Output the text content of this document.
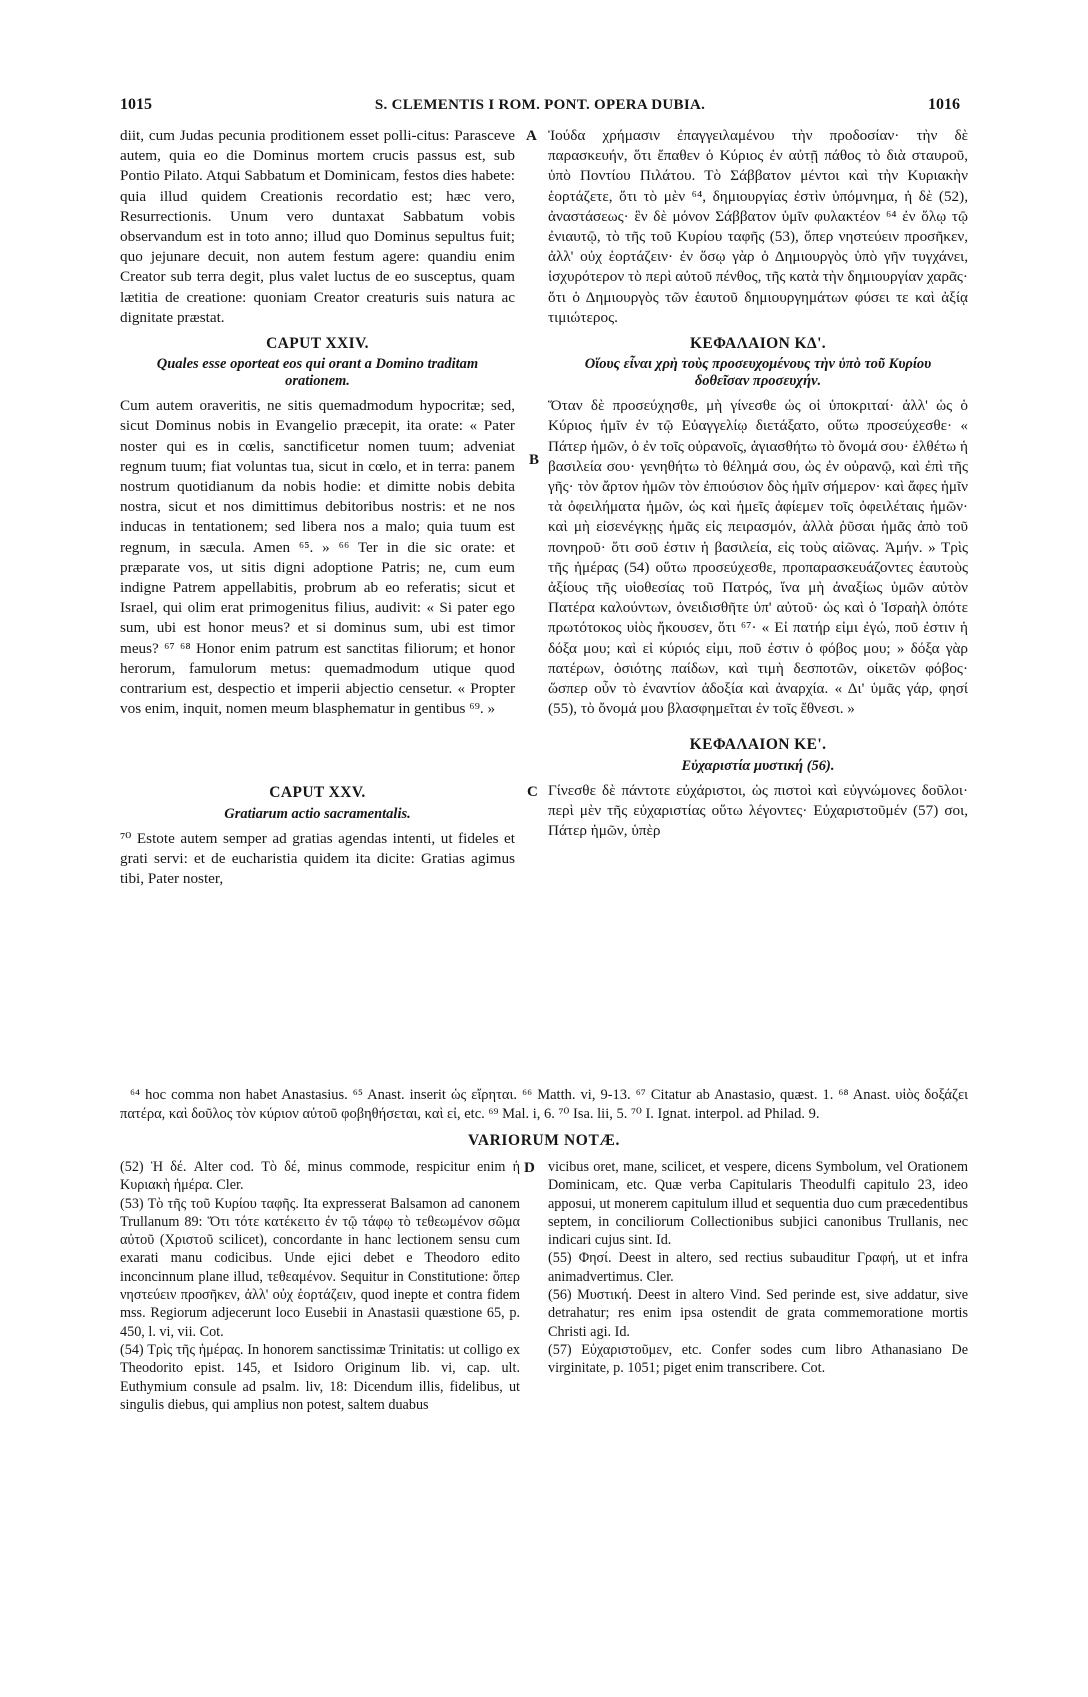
1015	S. CLEMENTIS I ROM. PONT. OPERA DUBIA.	1016
A
B
C
D

diit, cum Judas pecunia proditionem esset polli-citus: Parasceve autem, quia eo die Dominus mortem crucis passus est, sub Pontio Pilato. Atqui Sabbatum et Dominicam, festos dies habete: quia illud quidem Creationis recordatio est; hæc vero, Resurrectionis. Unum vero duntaxat Sabbatum vobis observandum est in toto anno; illud quo Dominus sepultus fuit; quo jejunare decuit, non autem festum agere: quandiu enim Creator sub terra degit, plus valet luctus de eo susceptus, quam lætitia de creatione: quoniam Creator creaturis suis natura ac dignitate præstat.

CAPUT XXIV.
Quales esse oporteat eos qui orant a Domino traditam orationem.

Cum autem oraveritis, ne sitis quemadmodum hypocritæ; sed, sicut Dominus nobis in Evangelio præcepit, ita orate: « Pater noster qui es in cœlis, sanctificetur nomen tuum; adveniat regnum tuum; fiat voluntas tua, sicut in cœlo, et in terra: panem nostrum quotidianum da nobis hodie: et dimitte nobis debita nostra, sicut et nos dimittimus debitoribus nostris: et ne nos inducas in tentationem; sed libera nos a malo; quia tuum est regnum, in sæcula. Amen ⁶⁵. » ⁶⁶ Ter in die sic orate: et præparate vos, ut sitis digni adoptione Patris; ne, cum eum indigne Patrem appellabitis, probrum ab eo referatis; sicut et Israel, qui olim erat primogenitus filius, audivit: « Si pater ego sum, ubi est honor meus? et si dominus sum, ubi est timor meus? ⁶⁷ ⁶⁸ Honor enim patrum est sanctitas filiorum; et honor herorum, famulorum metus: quemadmodum utique quod contrarium est, despectio et imperii abjectio censetur. « Propter vos enim, inquit, nomen meum blasphematur in gentibus ⁶⁹. »

CAPUT XXV.
Gratiarum actio sacramentalis.

⁷⁰ Estote autem semper ad gratias agendas intenti, ut fideles et grati servi: et de eucharistia quidem ita dicite: Gratias agimus tibi, Pater noster,

Ἰούδα χρήμασιν ἐπαγγειλαμένου τὴν προδοσίαν· τὴν δὲ παρασκευήν, ὅτι ἔπαθεν ὁ Κύριος ἐν αὐτῇ πάθος τὸ διὰ σταυροῦ, ὑπὸ Ποντίου Πιλάτου. Τὸ Σάββατον μέντοι καὶ τὴν Κυριακὴν ἑορτάζετε, ὅτι τὸ μὲν ⁶⁴, δημιουργίας ἐστὶν ὑπόμνημα, ἡ δὲ (52), ἀναστάσεως· ἓν δὲ μόνον Σάββατον ὑμῖν φυλακτέον ⁶⁴ ἐν ὅλῳ τῷ ἐνιαυτῷ, τὸ τῆς τοῦ Κυρίου ταφῆς (53), ὅπερ νηστεύειν προσῆκεν, ἀλλ' οὐχ ἑορτάζειν· ἐν ὅσῳ γὰρ ὁ Δημιουργὸς ὑπὸ γῆν τυγχάνει, ἰσχυρότερον τὸ περὶ αὐτοῦ πένθος, τῆς κατὰ τὴν δημιουργίαν χαρᾶς· ὅτι ὁ Δημιουργὸς τῶν ἑαυτοῦ δημιουργημάτων φύσει τε καὶ ἀξίᾳ τιμιώτερος.

ΚΕΦΑΛΑΙΟΝ ΚΔ'.
Οἵους εἶναι χρὴ τοὺς προσευχομένους τὴν ὑπὸ τοῦ Κυρίου δοθεῖσαν προσευχήν.

Ὅταν δὲ προσεύχησθε, μὴ γίνεσθε ὡς οἱ ὑποκριταί· ἀλλ' ὡς ὁ Κύριος ἡμῖν ἐν τῷ Εὐαγγελίῳ διετάξατο, οὕτω προσεύχεσθε· « Πάτερ ἡμῶν, ὁ ἐν τοῖς οὐρανοῖς, ἁγιασθήτω τὸ ὄνομά σου· ἐλθέτω ἡ βασιλεία σου· γενηθήτω τὸ θέλημά σου, ὡς ἐν οὐρανῷ, καὶ ἐπὶ τῆς γῆς· τὸν ἄρτον ἡμῶν τὸν ἐπιούσιον δὸς ἡμῖν σήμερον· καὶ ἄφες ἡμῖν τὰ ὀφειλήματα ἡμῶν, ὡς καὶ ἡμεῖς ἀφίεμεν τοῖς ὀφειλέταις ἡμῶν· καὶ μὴ εἰσενέγκῃς ἡμᾶς εἰς πειρασμόν, ἀλλὰ ῥῦσαι ἡμᾶς ἀπὸ τοῦ πονηροῦ· ὅτι σοῦ ἐστιν ἡ βασιλεία, εἰς τοὺς αἰῶνας. Ἀμήν. » Τρὶς τῆς ἡμέρας (54) οὕτω προσεύχεσθε, προπαρασκευάζοντες ἑαυτοὺς ἀξίους τῆς υἱοθεσίας τοῦ Πατρός, ἵνα μὴ ἀναξίως ὑμῶν αὐτὸν Πατέρα καλούντων, ὀνειδισθῆτε ὑπ' αὐτοῦ· ὡς καὶ ὁ Ἰσραὴλ ὁπότε πρωτότοκος υἱὸς ἤκουσεν, ὅτι ⁶⁷· « Εἰ πατήρ εἰμι ἐγώ, ποῦ ἐστιν ἡ δόξα μου; καὶ εἰ κύριός εἰμι, ποῦ ἐστιν ὁ φόβος μου; » δόξα γὰρ πατέρων, ὁσιότης παίδων, καὶ τιμὴ δεσποτῶν, οἰκετῶν φόβος· ὥσπερ οὖν τὸ ἐναντίον ἀδοξία καὶ ἀναρχία. « Δι' ὑμᾶς γάρ, φησί (55), τὸ ὄνομά μου βλασφημεῖται ἐν τοῖς ἔθνεσι. »

ΚΕΦΑΛΑΙΟΝ ΚΕ'.
Εὐχαριστία μυστική (56).

Γίνεσθε δὲ πάντοτε εὐχάριστοι, ὡς πιστοὶ καὶ εὐγνώμονες δοῦλοι· περὶ μὲν τῆς εὐχαριστίας οὕτω λέγοντες· Εὐχαριστοῦμέν (57) σοι, Πάτερ ἡμῶν, ὑπὲρ

⁶⁴ hoc comma non habet Anastasius. ⁶⁵ Anast. inserit ὡς εἴρηται. ⁶⁶ Matth. vi, 9-13. ⁶⁷ Citatur ab Anastasio, quæst. 1. ⁶⁸ Anast. υἱὸς δοξάζει πατέρα, καὶ δοῦλος τὸν κύριον αὐτοῦ φοβηθήσεται, καὶ εἰ, etc. ⁶⁹ Mal. i, 6. ⁷⁰ Isa. lii, 5. ⁷⁰ I. Ignat. interpol. ad Philad. 9.

VARIORUM NOTÆ.

(52) Ἡ δέ. Alter cod. Τὸ δέ, minus commode, respicitur enim ἡ Κυριακὴ ἡμέρα. Cler.

(53) Τὸ τῆς τοῦ Κυρίου ταφῆς. Ita expresserat Balsamon ad canonem Trullanum 89: Ὅτι τότε κατέκειτο ἐν τῷ τάφῳ τὸ τεθεωμένον σῶμα αὐτοῦ (Χριστοῦ scilicet), concordante in hanc lectionem sensu cum exarati manu codicibus. Unde ejici debet e Theodoro edito inconcinnum plane illud, τεθεαμένον. Sequitur in Constitutione: ὅπερ νηστεύειν προσῆκεν, ἀλλ' οὐχ ἑορτάζειν, quod inepte et contra fidem mss. Regiorum adjecerunt loco Eusebii in Anastasii quæstione 65, p. 450, l. vi, vii. Cot.

(54) Τρὶς τῆς ἡμέρας. In honorem sanctissimæ Trinitatis: ut colligo ex Theodorito epist. 145, et Isidoro Originum lib. vi, cap. ult. Euthymium consule ad psalm. liv, 18: Dicendum illis, fidelibus, ut singulis diebus, qui amplius non potest, saltem duabus

vicibus oret, mane, scilicet, et vespere, dicens Symbolum, vel Orationem Dominicam, etc. Quæ verba Capitularis Theodulfi capitulo 23, ideo apposui, ut monerem capitulum illud et sequentia duo cum præcedentibus septem, in conciliorum Collectionibus subjici canonibus Trullanis, nec indicari cujus sint. Id.

(55) Φησί. Deest in altero, sed rectius subauditur Γραφή, ut et infra animadvertimus. Cler.

(56) Μυστική. Deest in altero Vind. Sed perinde est, sive addatur, sive detrahatur; res enim ipsa ostendit de grata commemoratione mortis Christi agi. Id.

(57) Εὐχαριστοῦμεν, etc. Confer sodes cum libro Athanasiano De virginitate, p. 1051; piget enim transcribere. Cot.
